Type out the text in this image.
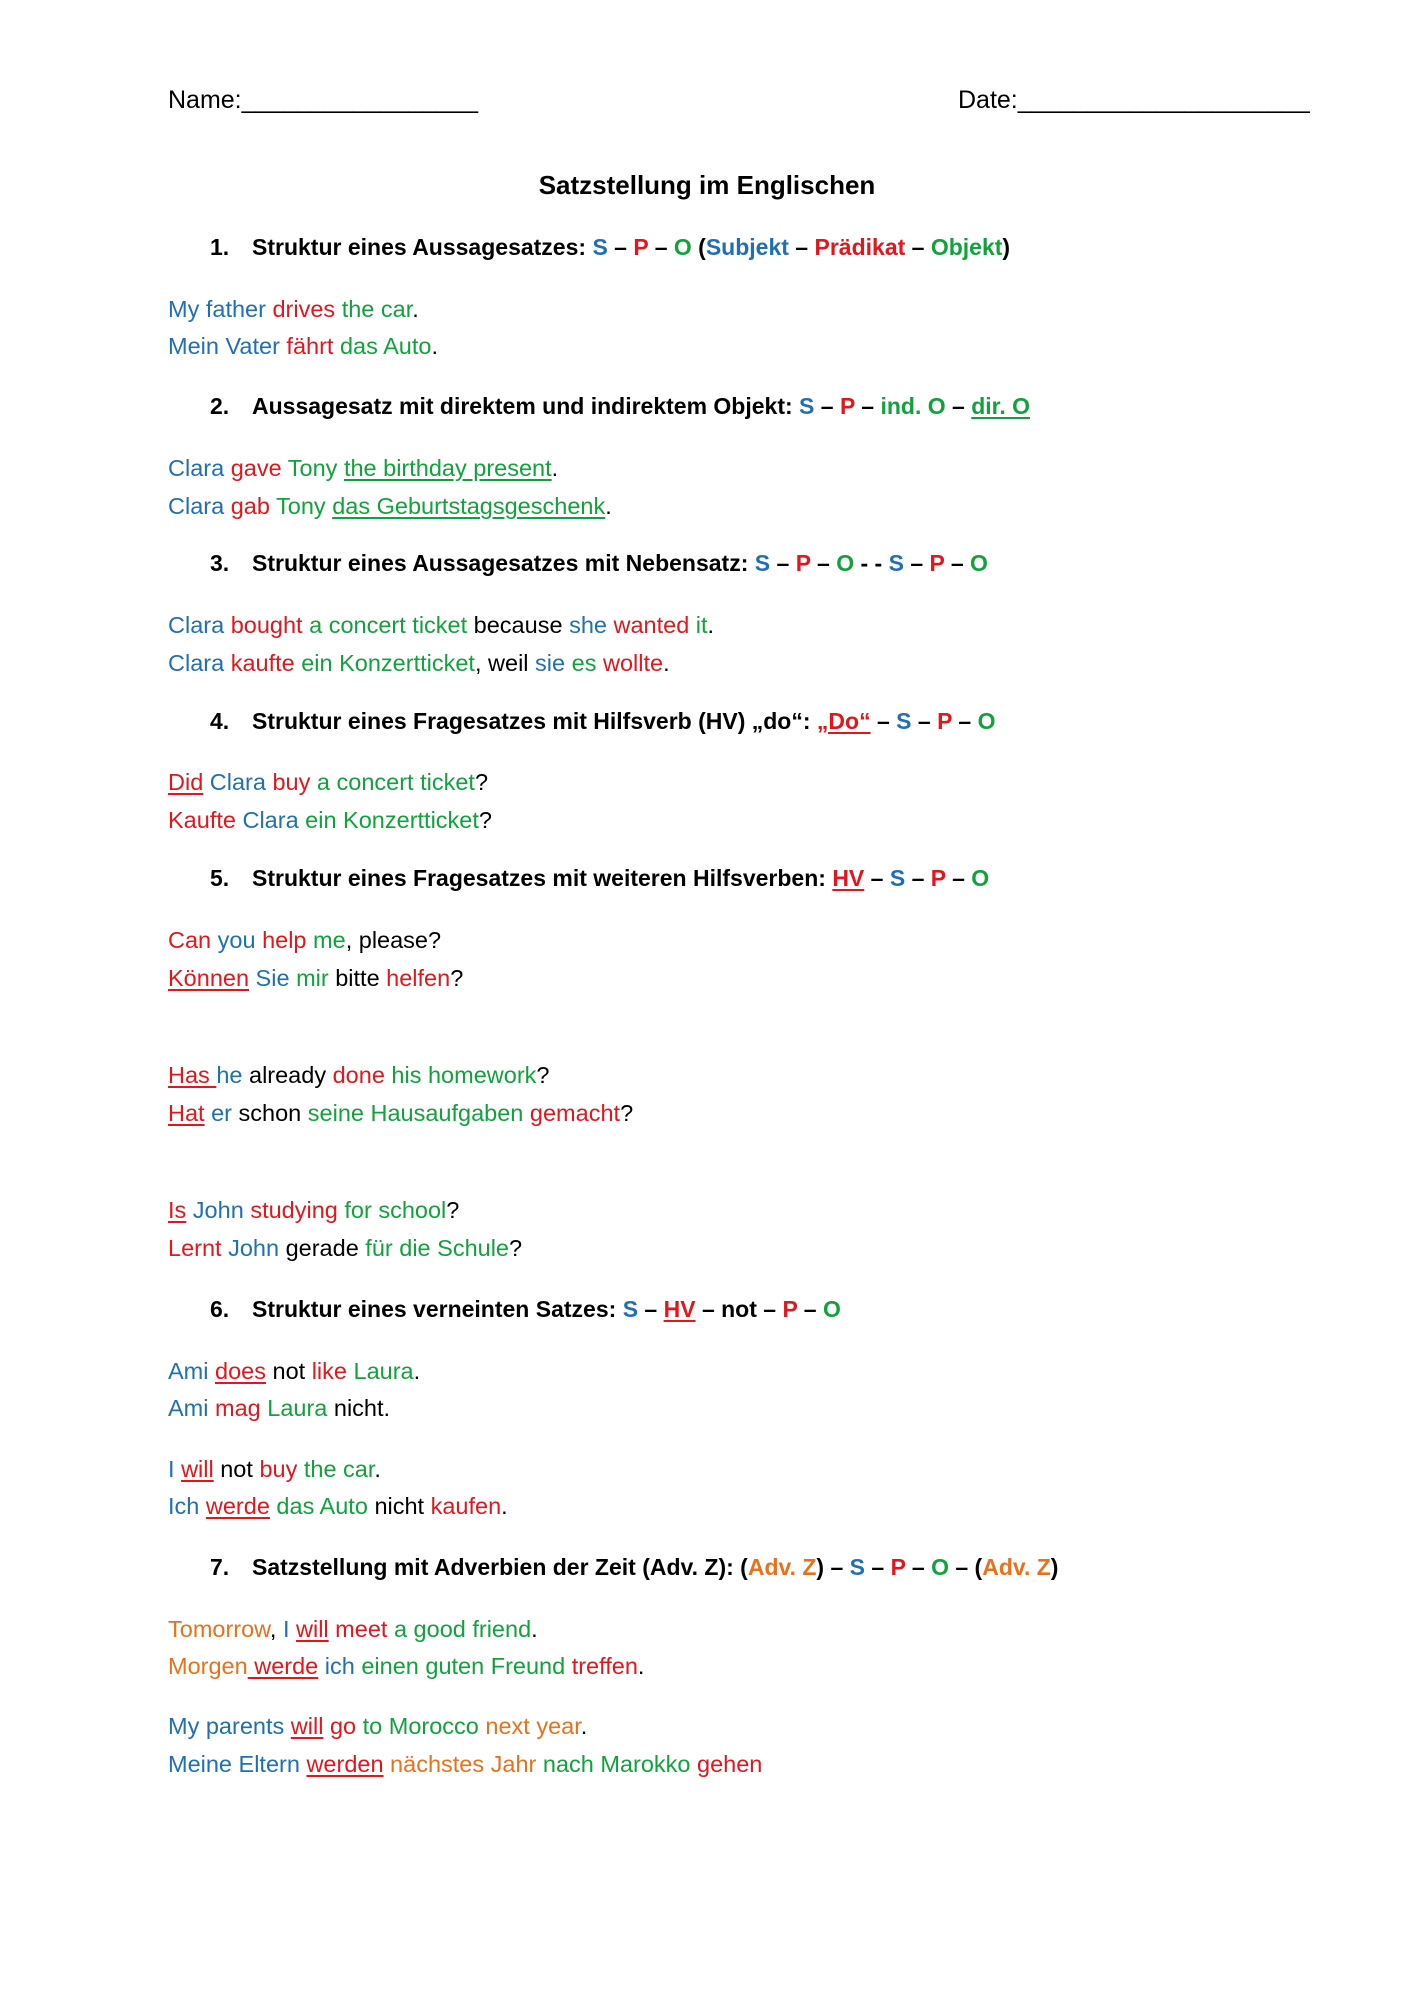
Name:_________________	Date:_____________________
Satzstellung im Englischen
1. Struktur eines Aussagesatzes: S – P – O (Subjekt – Prädikat – Objekt)
My father drives the car.
Mein Vater fährt das Auto.
2. Aussagesatz mit direktem und indirektem Objekt: S – P – ind. O – dir. O
Clara gave Tony the birthday present.
Clara gab Tony das Geburtstagsgeschenk.
3. Struktur eines Aussagesatzes mit Nebensatz: S – P – O - - S – P – O
Clara bought a concert ticket because she wanted it.
Clara kaufte ein Konzertticket, weil sie es wollte.
4. Struktur eines Fragesatzes mit Hilfsverb (HV) „do“: „Do“ – S – P – O
Did Clara buy a concert ticket?
Kaufte Clara ein Konzertticket?
5. Struktur eines Fragesatzes mit weiteren Hilfsverben: HV – S – P – O
Can you help me, please?
Können Sie mir bitte helfen?
Has he already done his homework?
Hat er schon seine Hausaufgaben gemacht?
Is John studying for school?
Lernt John gerade für die Schule?
6. Struktur eines verneinten Satzes: S – HV – not – P – O
Ami does not like Laura.
Ami mag Laura nicht.
I will not buy the car.
Ich werde das Auto nicht kaufen.
7. Satzstellung mit Adverbien der Zeit (Adv. Z): (Adv. Z) – S – P – O – (Adv. Z)
Tomorrow, I will meet a good friend.
Morgen werde ich einen guten Freund treffen.
My parents will go to Morocco next year.
Meine Eltern werden nächstes Jahr nach Marokko gehen
